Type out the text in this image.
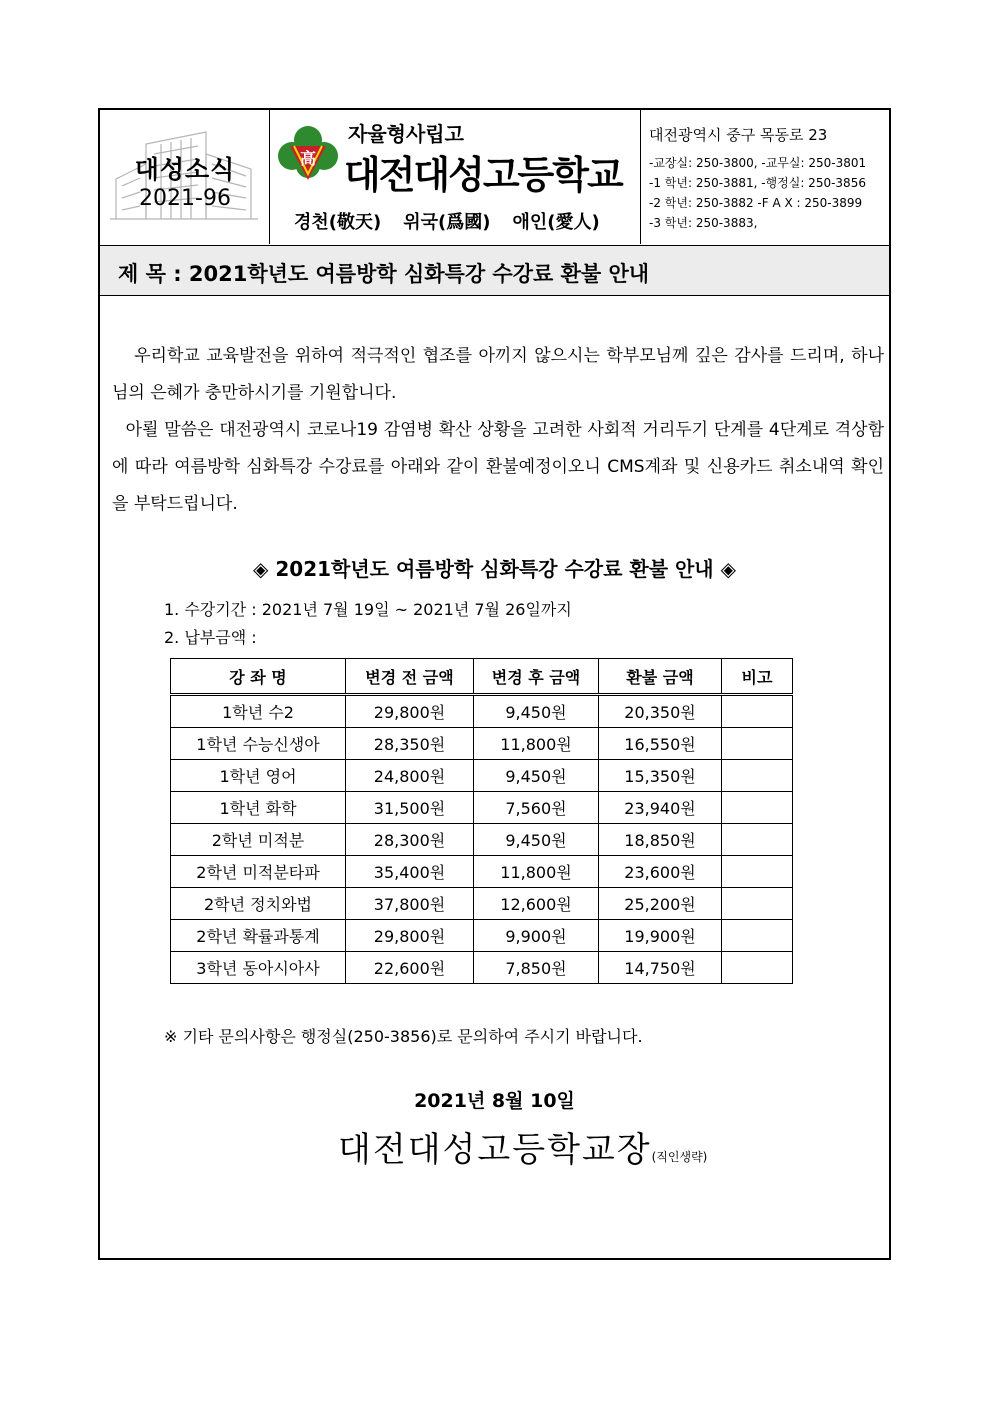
대성소식
2021-96
高
자율형사립고
대전대성고등학교
경천(敬天) 위국(爲國) 애인(愛人)
대전광역시 중구 목동로 23
-교장실: 250-3800, -교무실: 250-3801
-1 학년: 250-3881, -행정실: 250-3856
-2 학년: 250-3882 -F A X : 250-3899
-3 학년: 250-3883,
제 목 : 2021학년도 여름방학 심화특강 수강료 환불 안내

우리학교 교육발전을 위하여 적극적인 협조를 아끼지 않으시는 학부모님께 깊은 감사를 드리며, 하나님의 은혜가 충만하시기를 기원합니다.

아뢸 말씀은 대전광역시 코로나19 감염병 확산 상황을 고려한 사회적 거리두기 단계를 4단계로 격상함에 따라 여름방학 심화특강 수강료를 아래와 같이 환불예정이오니 CMS계좌 및 신용카드 취소내역 확인을 부탁드립니다.

◈ 2021학년도 여름방학 심화특강 수강료 환불 안내 ◈
1. 수강기간 : 2021년 7월 19일 ~ 2021년 7월 26일까지
2. 납부금액 :
강 좌 명	변경 전 금액	변경 후 금액	환불 금액	비고
1학년 수2	29,800원	9,450원	20,350원	
1학년 수능신생아	28,350원	11,800원	16,550원	
1학년 영어	24,800원	9,450원	15,350원	
1학년 화학	31,500원	7,560원	23,940원	
2학년 미적분	28,300원	9,450원	18,850원	
2학년 미적분타파	35,400원	11,800원	23,600원	
2학년 정치와법	37,800원	12,600원	25,200원	
2학년 확률과통계	29,800원	9,900원	19,900원	
3학년 동아시아사	22,600원	7,850원	14,750원	
※ 기타 문의사항은 행정실(250-3856)로 문의하여 주시기 바랍니다.
2021년 8월 10일
대전대성고등학교장(직인생략)
